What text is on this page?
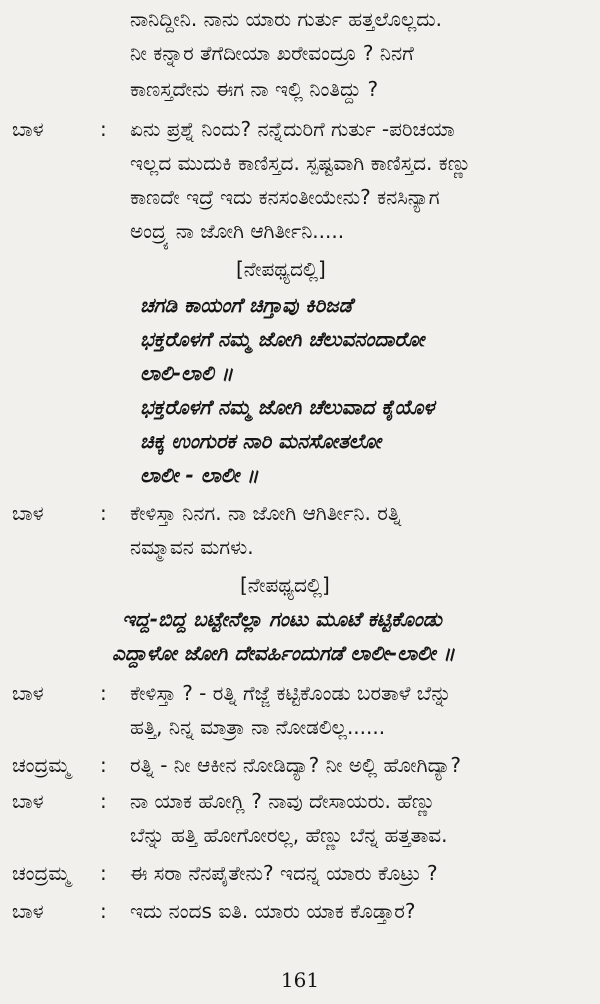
ನಾನಿದ್ದೀನಿ. ನಾನು ಯಾರು ಗುರ್ತು ಹತ್ತಲೊಲ್ಲದು.
ನೀ ಕನ್ನಾರ ತೆಗೆದೀಯಾ ಖರೇವಂದ್ರೂ ? ನಿನಗೆ
ಕಾಣಸ್ತದೇನು ಈಗ ನಾ ಇಲ್ಲಿ ನಿಂತಿದ್ದು ?
ಬಾಳ	: ಏನು ಪ್ರಶ್ನೆ ನಿಂದು? ನನ್ನೆದುರಿಗೆ ಗುರ್ತು -ಪರಿಚಯಾ
ಇಲ್ಲದ ಮುದುಕಿ ಕಾಣಿಸ್ತದ. ಸ್ಪಷ್ಟವಾಗಿ ಕಾಣಿಸ್ತದ. ಕಣ್ಣು
ಕಾಣದೇ ಇದ್ರೆ ಇದು ಕನಸಂತೀಯೇನು? ಕನಸಿನ್ಯಾಗ
ಅಂದ್ರ್ಯ ನಾ ಜೋಗಿ ಆಗಿರ್ತೀನಿ.....
[ನೇಪಥ್ಯದಲ್ಲಿ]
ಚಗಡಿ ಕಾಯಂಗೆ ಚಿಗ್ತಾವು ಕಿರಿಜಡೆ
ಭಕ್ತರೊಳಗೆ ನಮ್ಮ ಜೋಗಿ ಚೆಲುವನಂದಾರೋ
ಲಾಲಿ-ಲಾಲಿ ॥
ಭಕ್ತರೊಳಗೆ ನಮ್ಮ ಜೋಗಿ ಚೆಲುವಾದ ಕೈಯೊಳ
ಚಿಕ್ಕ ಉಂಗುರಕ ನಾರಿ ಮನಸೋತಲೋ
ಲಾಲೀ - ಲಾಲೀ ॥
ಬಾಳ	: ಕೇಳಿಸ್ತಾ ನಿನಗ. ನಾ ಜೋಗಿ ಆಗಿರ್ತೀನಿ. ರತ್ನಿ
ನಮ್ಮಾವನ ಮಗಳು.
[ನೇಪಥ್ಯದಲ್ಲಿ]
ಇದ್ದ-ಬಿದ್ದ ಬಟ್ಟೇನೆಲ್ಲಾ ಗಂಟು ಮೂಟೆ ಕಟ್ಟಿಕೊಂಡು
ಎದ್ದಾಳೋ ಜೋಗಿ ದೇವರ್ಹಿಂದುಗಡೆ ಲಾಲೀ-ಲಾಲೀ ॥
ಬಾಳ	: ಕೇಳಿಸ್ತಾ ? - ರತ್ನಿ ಗೆಜ್ಜೆ ಕಟ್ಟಿಕೊಂಡು ಬರತಾಳೆ ಬೆನ್ನು
ಹತ್ತಿ, ನಿನ್ನ ಮಾತ್ರಾ ನಾ ನೋಡಲಿಲ್ಲ......
ಚಂದ್ರಮ್ಮ : ರತ್ನಿ - ನೀ ಆಕೀನ ನೋಡಿದ್ಯಾ? ನೀ ಅಲ್ಲಿ ಹೋಗಿದ್ಯಾ?
ಬಾಳ	: ನಾ ಯಾಕ ಹೋಗ್ಲಿ ? ನಾವು ದೇಸಾಯರು. ಹೆಣ್ಣು
ಬೆನ್ನು ಹತ್ತಿ ಹೋಗೋರಲ್ಲ, ಹೆಣ್ಣು ಬೆನ್ನ ಹತ್ತತಾವ.
ಚಂದ್ರಮ್ಮ : ಈ ಸರಾ ನೆನಪೈತೇನು? ಇದನ್ನ ಯಾರು ಕೊಟ್ರು ?
ಬಾಳ	: ಇದು ನಂದs ಐತಿ. ಯಾರು ಯಾಕ ಕೊಡ್ತಾರ?
161
